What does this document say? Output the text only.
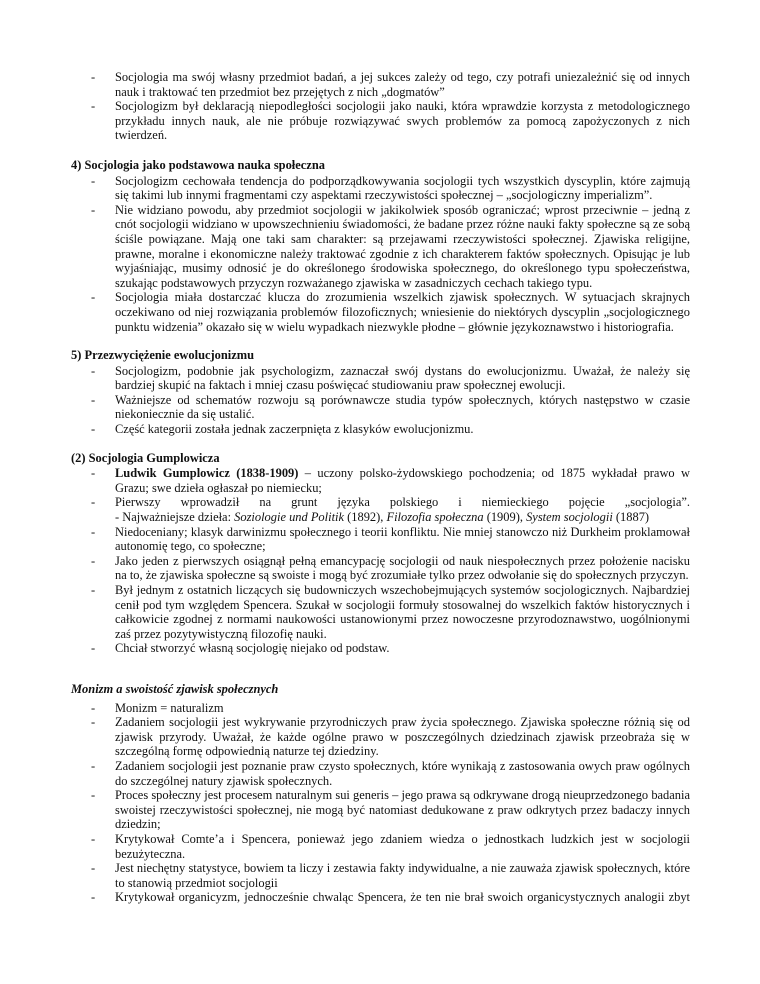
- Socjologia ma swój własny przedmiot badań, a jej sukces zależy od tego, czy potrafi uniezależnić się od innych nauk i traktować ten przedmiot bez przejętych z nich „dogmatów”
- Socjologizm był deklaracją niepodległości socjologii jako nauki, która wprawdzie korzysta z metodologicznego przykładu innych nauk, ale nie próbuje rozwiązywać swych problemów za pomocą zapożyczonych z nich twierdzeń.
4) Socjologia jako podstawowa nauka społeczna
- Socjologizm cechowała tendencja do podporządkowywania socjologii tych wszystkich dyscyplin, które zajmują się takimi lub innymi fragmentami czy aspektami rzeczywistości społecznej – „socjologiczny imperializm”.
- Nie widziano powodu, aby przedmiot socjologii w jakikolwiek sposób ograniczać; wprost przeciwnie – jedną z cnót socjologii widziano w upowszechnieniu świadomości, że badane przez różne nauki fakty społeczne są ze sobą ściśle powiązane. Mają one taki sam charakter: są przejawami rzeczywistości społecznej. Zjawiska religijne, prawne, moralne i ekonomiczne należy traktować zgodnie z ich charakterem faktów społecznych. Opisując je lub wyjaśniając, musimy odnosić je do określonego środowiska społecznego, do określonego typu społeczeństwa, szukając podstawowych przyczyn rozważanego zjawiska w zasadniczych cechach takiego typu.
- Socjologia miała dostarczać klucza do zrozumienia wszelkich zjawisk społecznych. W sytuacjach skrajnych oczekiwano od niej rozwiązania problemów filozoficznych; wniesienie do niektórych dyscyplin „socjologicznego punktu widzenia” okazało się w wielu wypadkach niezwykle płodne – głównie językoznawstwo i historiografia.
5) Przezwyciężenie ewolucjonizmu
- Socjologizm, podobnie jak psychologizm, zaznaczał swój dystans do ewolucjonizmu. Uważał, że należy się bardziej skupić na faktach i mniej czasu poświęcać studiowaniu praw społecznej ewolucji.
- Ważniejsze od schematów rozwoju są porównawcze studia typów społecznych, których następstwo w czasie niekoniecznie da się ustalić.
- Część kategorii została jednak zaczerpnięta z klasyków ewolucjonizmu.
(2) Socjologia Gumplowicza
- Ludwik Gumplowicz (1838-1909) – uczony polsko-żydowskiego pochodzenia; od 1875 wykładał prawo w Grazu; swe dzieła ogłaszał po niemiecku;
- Pierwszy wprowadził na grunt języka polskiego i niemieckiego pojęcie „socjologia”.
- Najważniejsze dzieła: Soziologie und Politik (1892), Filozofia społeczna (1909), System socjologii (1887)
- Niedoceniany; klasyk darwinizmu społecznego i teorii konfliktu. Nie mniej stanowczo niż Durkheim proklamował autonomię tego, co społeczne;
- Jako jeden z pierwszych osiągnął pełną emancypację socjologii od nauk niespołecznych przez położenie nacisku na to, że zjawiska społeczne są swoiste i mogą być zrozumiałe tylko przez odwołanie się do społecznych przyczyn.
- Był jednym z ostatnich liczących się budowniczych wszechobejmujących systemów socjologicznych. Najbardziej cenił pod tym względem Spencera. Szukał w socjologii formuły stosowalnej do wszelkich faktów historycznych i całkowicie zgodnej z normami naukowości ustanowionymi przez nowoczesne przyrodoznawstwo, uogólnionymi zaś przez pozytywistyczną filozofię nauki.
- Chciał stworzyć własną socjologię niejako od podstaw.
Monizm a swoistość zjawisk społecznych
- Monizm = naturalizm
- Zadaniem socjologii jest wykrywanie przyrodniczych praw życia społecznego. Zjawiska społeczne różnią się od zjawisk przyrody. Uważał, że każde ogólne prawo w poszczególnych dziedzinach zjawisk przeobraża się w szczególną formę odpowiednią naturze tej dziedziny.
- Zadaniem socjologii jest poznanie praw czysto społecznych, które wynikają z zastosowania owych praw ogólnych do szczególnej natury zjawisk społecznych.
- Proces społeczny jest procesem naturalnym sui generis – jego prawa są odkrywane drogą nieuprzedzonego badania swoistej rzeczywistości społecznej, nie mogą być natomiast dedukowane z praw odkrytych przez badaczy innych dziedzin;
- Krytykował Comte’a i Spencera, ponieważ jego zdaniem wiedza o jednostkach ludzkich jest w socjologii bezużyteczna.
- Jest niechętny statystyce, bowiem ta liczy i zestawia fakty indywidualne, a nie zauważa zjawisk społecznych, które to stanowią przedmiot socjologii
- Krytykował organicyzm, jednocześnie chwaląc Spencera, że ten nie brał swoich organicystycznych analogii zbyt
